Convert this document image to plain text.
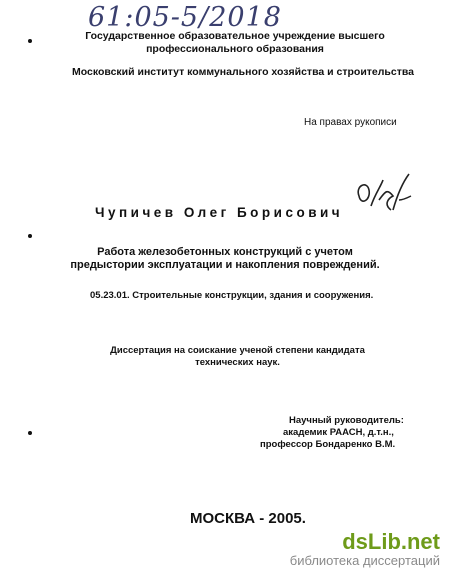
61:05-5/2018
Государственное образовательное учреждение высшего
профессионального образования
Московский институт коммунального хозяйства и строительства
На правах рукописи
Чупичев Олег Борисович
Работа железобетонных конструкций с учетом
предыстории эксплуатации и накопления повреждений.
05.23.01. Строительные конструкции, здания и сооружения.
Диссертация на соискание ученой степени кандидата
технических наук.
Научный руководитель:
академик РААСН, д.т.н.,
профессор Бондаренко В.М.
МОСКВА - 2005.
dsLib.net
библиотека диссертаций
